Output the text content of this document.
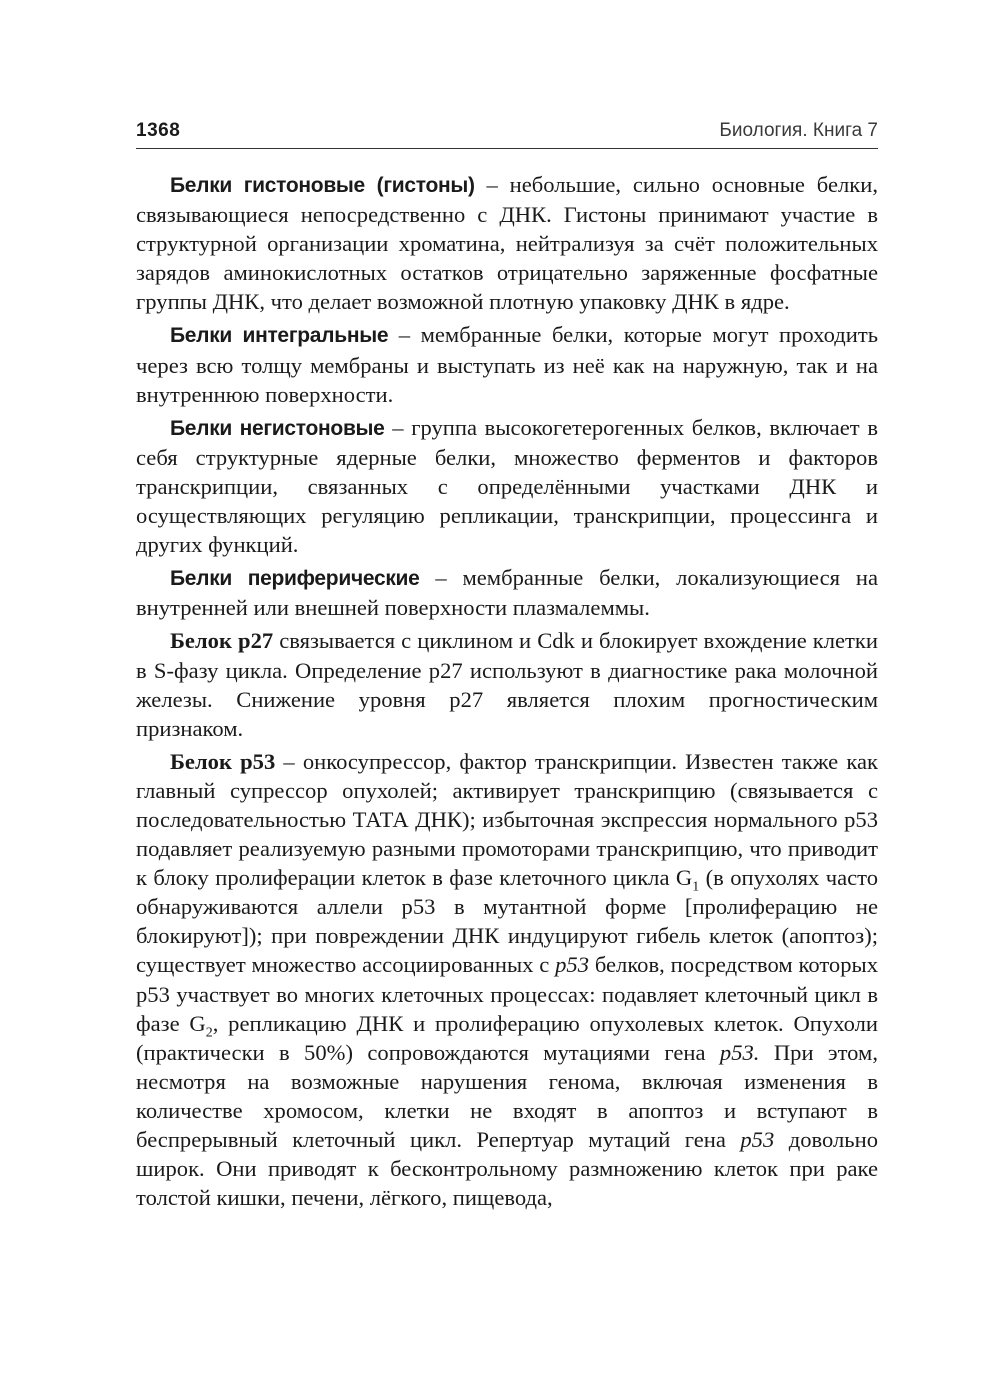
1368	Биология. Книга 7

Белки гистоновые (гистоны) – небольшие, сильно основные белки, связывающиеся непосредственно с ДНК. Гистоны принимают участие в структурной организации хроматина, нейтрализуя за счёт положительных зарядов аминокислотных остатков отрицательно заряженные фосфатные группы ДНК, что делает возможной плотную упаковку ДНК в ядре.

Белки интегральные – мембранные белки, которые могут проходить через всю толщу мембраны и выступать из неё как на наружную, так и на внутреннюю поверхности.

Белки негистоновые – группа высокогетерогенных белков, включает в себя структурные ядерные белки, множество ферментов и факторов транскрипции, связанных с определёнными участками ДНК и осуществляющих регуляцию репликации, транскрипции, процессинга и других функций.

Белки периферические – мембранные белки, локализующиеся на внутренней или внешней поверхности плазмалеммы.

Белок р27 связывается с циклином и Cdk и блокирует вхождение клетки в S-фазу цикла. Определение р27 используют в диагностике рака молочной железы. Снижение уровня р27 является плохим прогностическим признаком.

Белок р53 – онкосупрессор, фактор транскрипции. Известен также как главный супрессор опухолей; активирует транскрипцию (связывается с последовательностью ТАТА ДНК); избыточная экспрессия нормального р53 подавляет реализуемую разными промоторами транскрипцию, что приводит к блоку пролиферации клеток в фазе клеточного цикла $G_1$ (в опухолях часто обнаруживаются аллели р53 в мутантной форме [пролиферацию не блокируют]); при повреждении ДНК индуцируют гибель клеток (апоптоз); существует множество ассоциированных с р53 белков, посредством которых р53 участвует во многих клеточных процессах: подавляет клеточный цикл в фазе $G_2$, репликацию ДНК и пролиферацию опухолевых клеток. Опухоли (практически в 50%) сопровождаются мутациями гена р53. При этом, несмотря на возможные нарушения генома, включая изменения в количестве хромосом, клетки не входят в апоптоз и вступают в беспрерывный клеточный цикл. Репертуар мутаций гена р53 довольно широк. Они приводят к бесконтрольному размножению клеток при раке толстой кишки, печени, лёгкого, пищевода,
